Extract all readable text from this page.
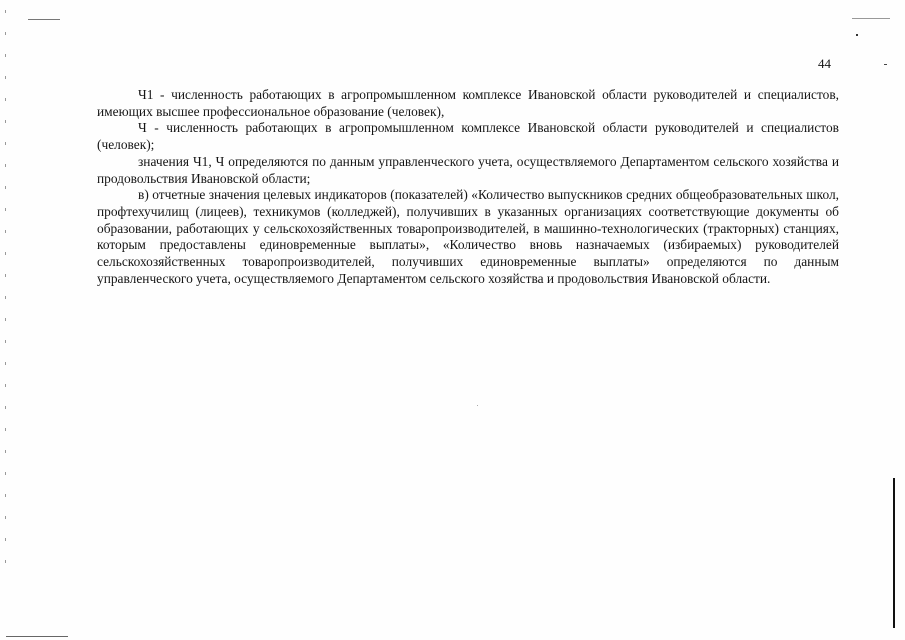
44

Ч1 - численность работающих в агропромышленном комплексе Ивановской области руководителей и специалистов, имеющих высшее профессиональное образование (человек),

Ч - численность работающих в агропромышленном комплексе Ивановской области руководителей и специалистов (человек);

значения Ч1, Ч определяются по данным управленческого учета, осуществляемого Департаментом сельского хозяйства и продовольствия Ивановской области;

в) отчетные значения целевых индикаторов (показателей) «Количество выпускников средних общеобразовательных школ, профтехучилищ (лицеев), техникумов (колледжей), получивших в указанных организациях соответствующие документы об образовании, работающих у сельскохозяйственных товаропроизводителей, в машинно-технологических (тракторных) станциях, которым предоставлены единовременные выплаты», «Количество вновь назначаемых (избираемых) руководителей сельскохозяйственных товаропроизводителей, получивших единовременные выплаты» определяются по данным управленческого учета, осуществляемого Департаментом сельского хозяйства и продовольствия Ивановской области.
